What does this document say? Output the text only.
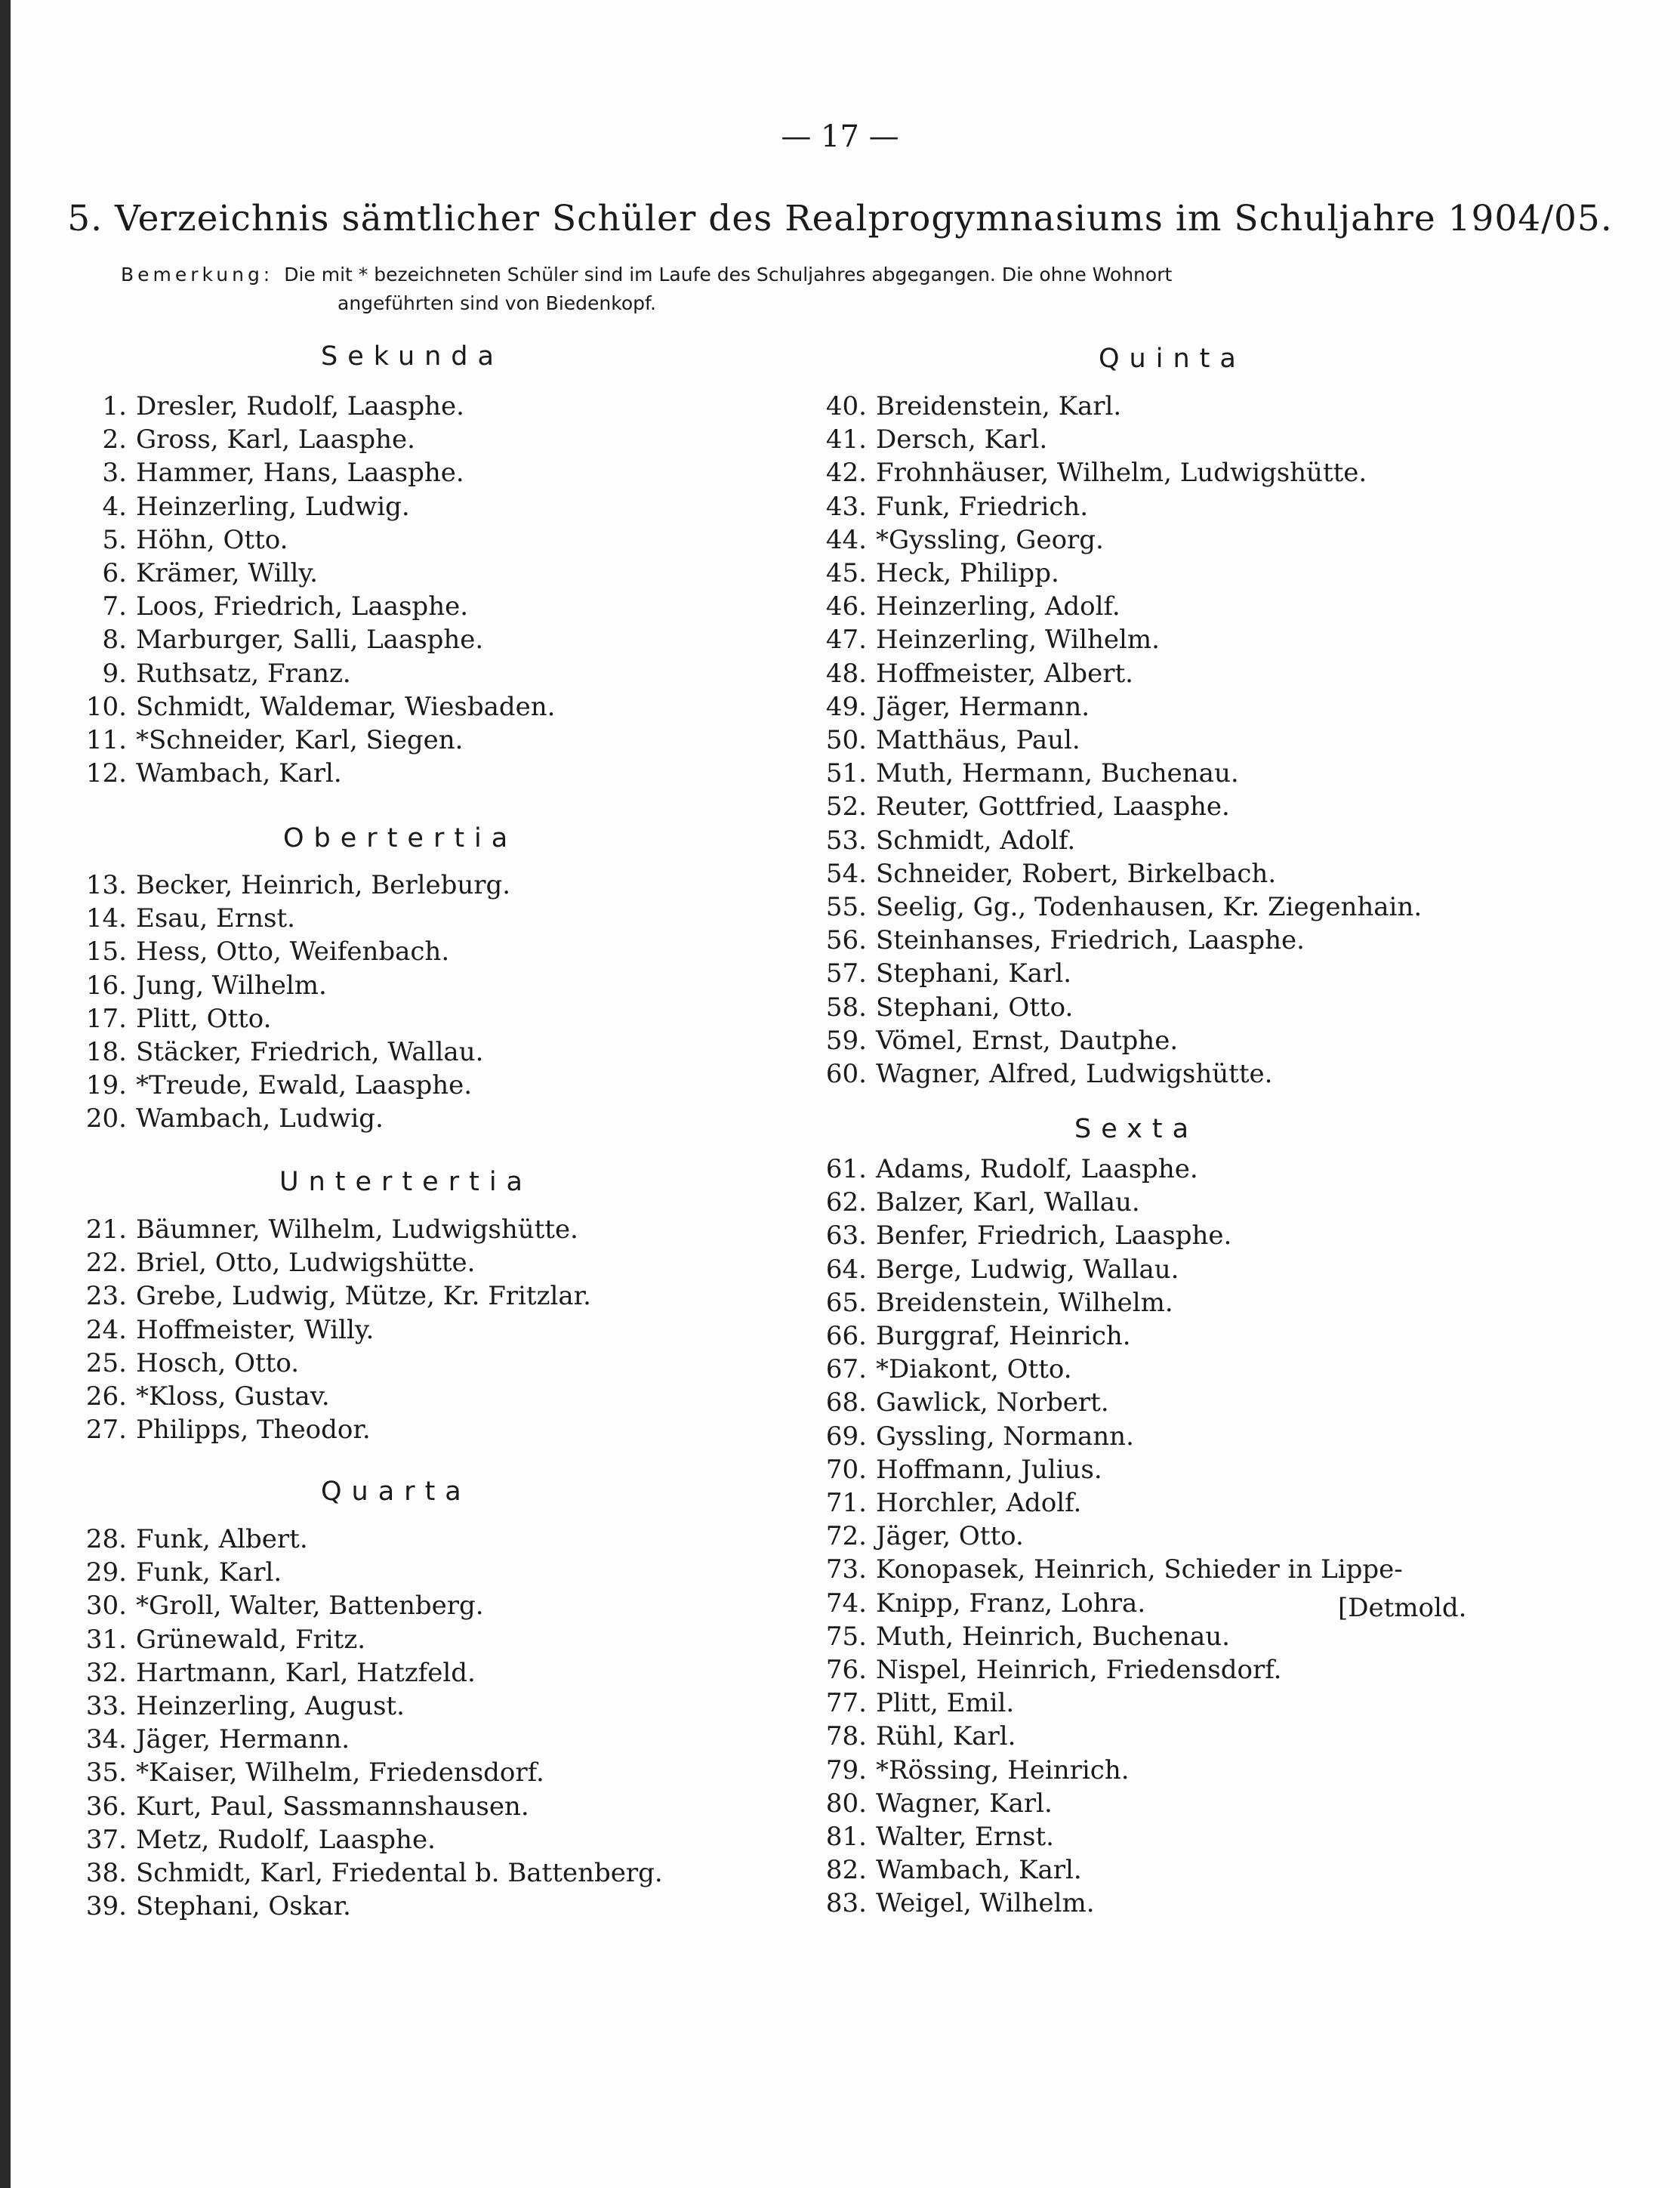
— 17 —
5. Verzeichnis sämtlicher Schüler des Realprogymnasiums im Schuljahre 1904/05.
Bemerkung: Die mit * bezeichneten Schüler sind im Laufe des Schuljahres abgegangen. Die ohne Wohnort
angeführten sind von Biedenkopf.
Sekunda
1. Dresler, Rudolf, Laasphe.
2. Gross, Karl, Laasphe.
3. Hammer, Hans, Laasphe.
4. Heinzerling, Ludwig.
5. Höhn, Otto.
6. Krämer, Willy.
7. Loos, Friedrich, Laasphe.
8. Marburger, Salli, Laasphe.
9. Ruthsatz, Franz.
10. Schmidt, Waldemar, Wiesbaden.
11. *Schneider, Karl, Siegen.
12. Wambach, Karl.
Obertertia
13. Becker, Heinrich, Berleburg.
14. Esau, Ernst.
15. Hess, Otto, Weifenbach.
16. Jung, Wilhelm.
17. Plitt, Otto.
18. Stäcker, Friedrich, Wallau.
19. *Treude, Ewald, Laasphe.
20. Wambach, Ludwig.
Untertertia
21. Bäumner, Wilhelm, Ludwigshütte.
22. Briel, Otto, Ludwigshütte.
23. Grebe, Ludwig, Mütze, Kr. Fritzlar.
24. Hoffmeister, Willy.
25. Hosch, Otto.
26. *Kloss, Gustav.
27. Philipps, Theodor.
Quarta
28. Funk, Albert.
29. Funk, Karl.
30. *Groll, Walter, Battenberg.
31. Grünewald, Fritz.
32. Hartmann, Karl, Hatzfeld.
33. Heinzerling, August.
34. Jäger, Hermann.
35. *Kaiser, Wilhelm, Friedensdorf.
36. Kurt, Paul, Sassmannshausen.
37. Metz, Rudolf, Laasphe.
38. Schmidt, Karl, Friedental b. Battenberg.
39. Stephani, Oskar.
Quinta
40. Breidenstein, Karl.
41. Dersch, Karl.
42. Frohnhäuser, Wilhelm, Ludwigshütte.
43. Funk, Friedrich.
44. *Gyssling, Georg.
45. Heck, Philipp.
46. Heinzerling, Adolf.
47. Heinzerling, Wilhelm.
48. Hoffmeister, Albert.
49. Jäger, Hermann.
50. Matthäus, Paul.
51. Muth, Hermann, Buchenau.
52. Reuter, Gottfried, Laasphe.
53. Schmidt, Adolf.
54. Schneider, Robert, Birkelbach.
55. Seelig, Gg., Todenhausen, Kr. Ziegenhain.
56. Steinhanses, Friedrich, Laasphe.
57. Stephani, Karl.
58. Stephani, Otto.
59. Vömel, Ernst, Dautphe.
60. Wagner, Alfred, Ludwigshütte.
Sexta
61. Adams, Rudolf, Laasphe.
62. Balzer, Karl, Wallau.
63. Benfer, Friedrich, Laasphe.
64. Berge, Ludwig, Wallau.
65. Breidenstein, Wilhelm.
66. Burggraf, Heinrich.
67. *Diakont, Otto.
68. Gawlick, Norbert.
69. Gyssling, Normann.
70. Hoffmann, Julius.
71. Horchler, Adolf.
72. Jäger, Otto.
73. Konopasek, Heinrich, Schieder in Lippe-
74. Knipp, Franz, Lohra.
75. Muth, Heinrich, Buchenau.
76. Nispel, Heinrich, Friedensdorf.
77. Plitt, Emil.
78. Rühl, Karl.
79. *Rössing, Heinrich.
80. Wagner, Karl.
81. Walter, Ernst.
82. Wambach, Karl.
83. Weigel, Wilhelm.
[Detmold.
